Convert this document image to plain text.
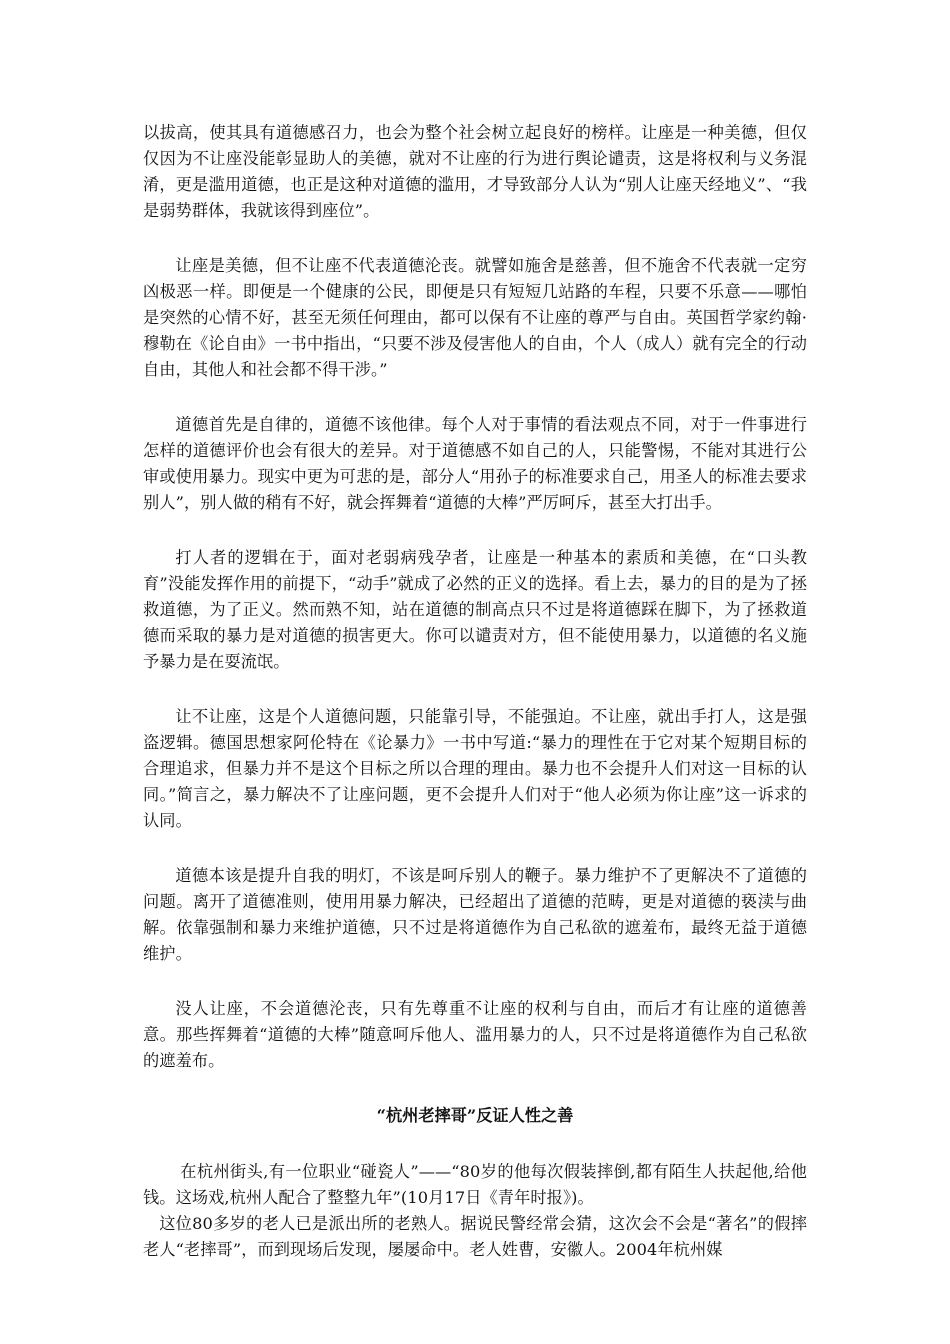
以拔高，使其具有道德感召力，也会为整个社会树立起良好的榜样。让座是一种美德，但仅仅因为不让座没能彰显助人的美德，就对不让座的行为进行舆论谴责，这是将权利与义务混淆，更是滥用道德，也正是这种对道德的滥用，才导致部分人认为“别人让座天经地义”、“我是弱势群体，我就该得到座位”。

让座是美德，但不让座不代表道德沦丧。就譬如施舍是慈善，但不施舍不代表就一定穷凶极恶一样。即便是一个健康的公民，即便是只有短短几站路的车程，只要不乐意——哪怕是突然的心情不好，甚至无须任何理由，都可以保有不让座的尊严与自由。英国哲学家约翰·穆勒在《论自由》一书中指出，“只要不涉及侵害他人的自由，个人（成人）就有完全的行动自由，其他人和社会都不得干涉。”

道德首先是自律的，道德不该他律。每个人对于事情的看法观点不同，对于一件事进行怎样的道德评价也会有很大的差异。对于道德感不如自己的人，只能警惕，不能对其进行公审或使用暴力。现实中更为可悲的是，部分人“用孙子的标准要求自己，用圣人的标准去要求别人”，别人做的稍有不好，就会挥舞着“道德的大棒”严厉呵斥，甚至大打出手。

打人者的逻辑在于，面对老弱病残孕者，让座是一种基本的素质和美德，在“口头教育”没能发挥作用的前提下，“动手”就成了必然的正义的选择。看上去，暴力的目的是为了拯救道德，为了正义。然而熟不知，站在道德的制高点只不过是将道德踩在脚下，为了拯救道德而采取的暴力是对道德的损害更大。你可以谴责对方，但不能使用暴力，以道德的名义施予暴力是在耍流氓。

让不让座，这是个人道德问题，只能靠引导，不能强迫。不让座，就出手打人，这是强盗逻辑。德国思想家阿伦特在《论暴力》一书中写道:“暴力的理性在于它对某个短期目标的合理追求，但暴力并不是这个目标之所以合理的理由。暴力也不会提升人们对这一目标的认同。”简言之，暴力解决不了让座问题，更不会提升人们对于“他人必须为你让座”这一诉求的认同。

道德本该是提升自我的明灯，不该是呵斥别人的鞭子。暴力维护不了更解决不了道德的问题。离开了道德准则，使用用暴力解决，已经超出了道德的范畴，更是对道德的亵渎与曲解。依靠强制和暴力来维护道德，只不过是将道德作为自己私欲的遮羞布，最终无益于道德维护。

没人让座，不会道德沦丧，只有先尊重不让座的权利与自由，而后才有让座的道德善意。那些挥舞着“道德的大棒”随意呵斥他人、滥用暴力的人，只不过是将道德作为自己私欲的遮羞布。

“杭州老摔哥”反证人性之善

在杭州街头,有一位职业“碰瓷人”——“80岁的他每次假装摔倒,都有陌生人扶起他,给他钱。这场戏,杭州人配合了整整九年”(10月17日《青年时报》)。

这位80多岁的老人已是派出所的老熟人。据说民警经常会猜，这次会不会是“著名”的假摔老人“老摔哥”，而到现场后发现，屡屡命中。老人姓曹，安徽人。2004年杭州媒
